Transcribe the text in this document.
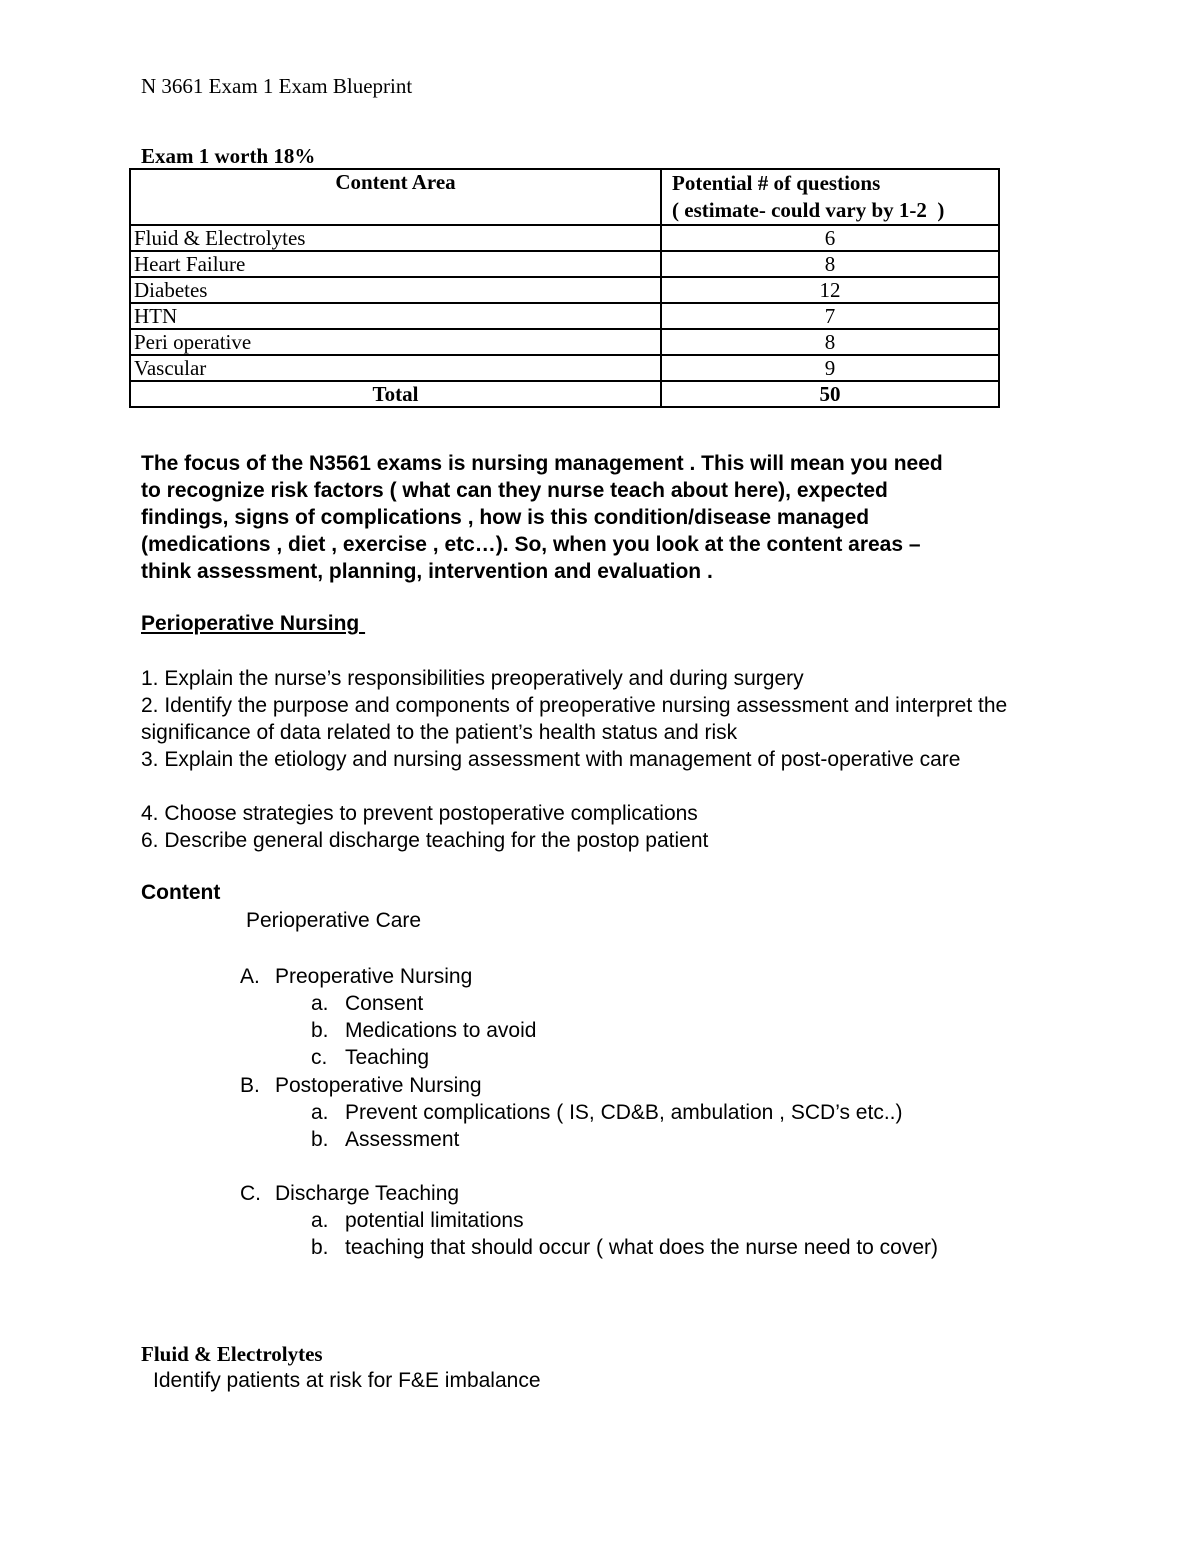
N 3661 Exam 1 Exam Blueprint
Exam 1 worth 18%
Content Area	Potential # of questions
( estimate- could vary by 1-2  )

Fluid & Electrolytes	6
Heart Failure	8
Diabetes	12
HTN	7
Peri operative	8
Vascular	9
Total	50
The focus of the N3561 exams is nursing management . This will mean you need
to recognize risk factors ( what can they nurse teach about here), expected
findings, signs of complications , how is this condition/disease managed
(medications , diet , exercise , etc…). So, when you look at the content areas –
think assessment, planning, intervention and evaluation .
Perioperative Nursing
1. Explain the nurse’s responsibilities preoperatively and during surgery
2. Identify the purpose and components of preoperative nursing assessment and interpret the significance of data related to the patient’s health status and risk
3. Explain the etiology and nursing assessment with management of post-operative care
4. Choose strategies to prevent postoperative complications
6. Describe general discharge teaching for the postop patient
Content
Perioperative Care
A. Preoperative Nursing
a. Consent
b. Medications to avoid
c. Teaching
B. Postoperative Nursing
a. Prevent complications ( IS, CD&B, ambulation , SCD’s etc..)
b. Assessment
C. Discharge Teaching
a. potential limitations
b. teaching that should occur ( what does the nurse need to cover)
Fluid & Electrolytes
Identify patients at risk for F&E imbalance
